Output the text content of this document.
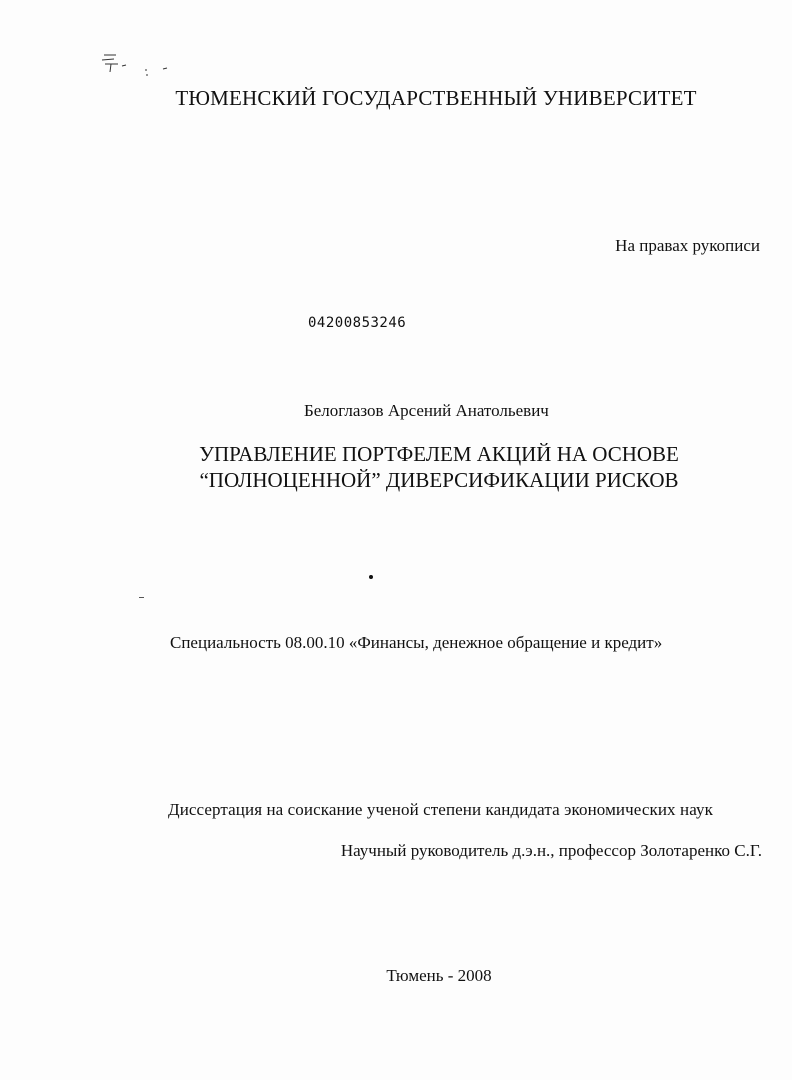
ТЮМЕНСКИЙ ГОСУДАРСТВЕННЫЙ УНИВЕРСИТЕТ

На правах рукописи

04200853246

Белоглазов Арсений Анатольевич

УПРАВЛЕНИЕ ПОРТФЕЛЕМ АКЦИЙ НА ОСНОВЕ
“ПОЛНОЦЕННОЙ” ДИВЕРСИФИКАЦИИ РИСКОВ

Специальность 08.00.10 «Финансы, денежное обращение и кредит»

Диссертация на соискание ученой степени кандидата экономических наук

Научный руководитель д.э.н., профессор Золотаренко С.Г.

Тюмень - 2008
